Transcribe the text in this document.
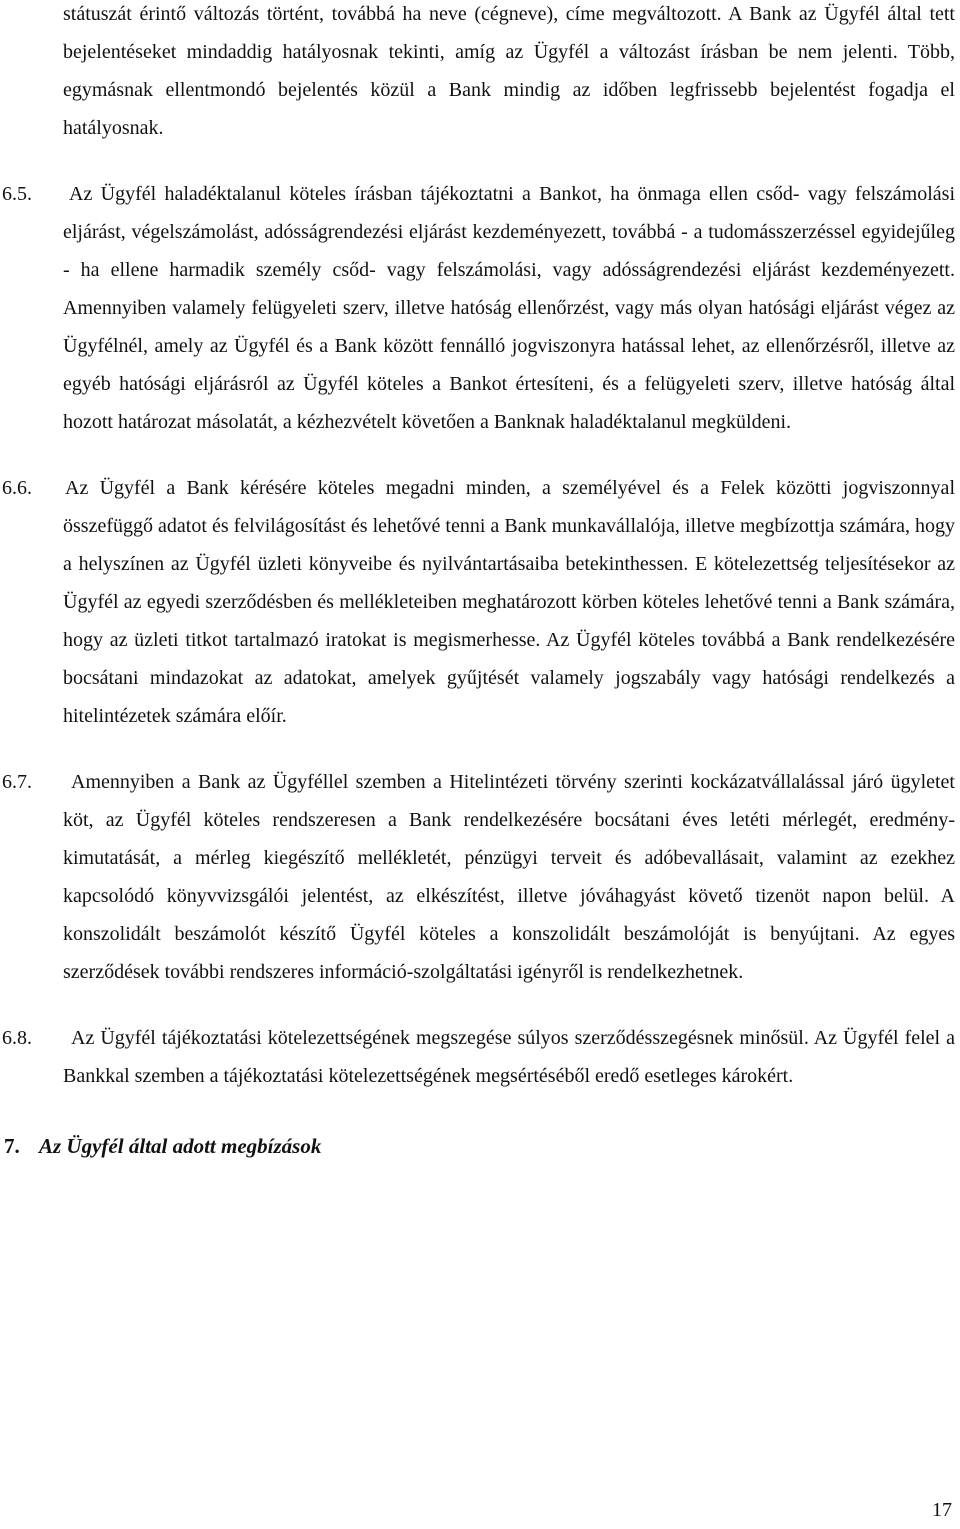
státuszát érintő változás történt, továbbá ha neve (cégneve), címe megváltozott. A Bank az Ügyfél által tett bejelentéseket mindaddig hatályosnak tekinti, amíg az Ügyfél a változást írásban be nem jelenti. Több, egymásnak ellentmondó bejelentés közül a Bank mindig az időben legfrissebb bejelentést fogadja el hatályosnak.

6.5.	Az Ügyfél haladéktalanul köteles írásban tájékoztatni a Bankot, ha önmaga ellen csőd- vagy felszámolási eljárást, végelszámolást, adósságrendezési eljárást kezdeményezett, továbbá - a tudomásszerzéssel egyidejűleg - ha ellene harmadik személy csőd- vagy felszámolási, vagy adósságrendezési eljárást kezdeményezett. Amennyiben valamely felügyeleti szerv, illetve hatóság ellenőrzést, vagy más olyan hatósági eljárást végez az Ügyfélnél, amely az Ügyfél és a Bank között fennálló jogviszonyra hatással lehet, az ellenőrzésről, illetve az egyéb hatósági eljárásról az Ügyfél köteles a Bankot értesíteni, és a felügyeleti szerv, illetve hatóság által hozott határozat másolatát, a kézhezvételt követően a Banknak haladéktalanul megküldeni.

6.6. Az Ügyfél a Bank kérésére köteles megadni minden, a személyével és a Felek közötti jogviszonnyal összefüggő adatot és felvilágosítást és lehetővé tenni a Bank munkavállalója, illetve megbízottja számára, hogy a helyszínen az Ügyfél üzleti könyveibe és nyilvántartásaiba betekinthessen. E kötelezettség teljesítésekor az Ügyfél az egyedi szerződésben és mellékleteiben meghatározott körben köteles lehetővé tenni a Bank számára, hogy az üzleti titkot tartalmazó iratokat is megismerhesse. Az Ügyfél köteles továbbá a Bank rendelkezésére bocsátani mindazokat az adatokat, amelyek gyűjtését valamely jogszabály vagy hatósági rendelkezés a hitelintézetek számára előír.

6.7.	Amennyiben a Bank az Ügyféllel szemben a Hitelintézeti törvény szerinti kockázatvállalással járó ügyletet köt, az Ügyfél köteles rendszeresen a Bank rendelkezésére bocsátani éves letéti mérlegét, eredmény-kimutatását, a mérleg kiegészítő mellékletét, pénzügyi terveit és adóbevallásait, valamint az ezekhez kapcsolódó könyvvizsgálói jelentést, az elkészítést, illetve jóváhagyást követő tizenöt napon belül. A konszolidált beszámolót készítő Ügyfél köteles a konszolidált beszámolóját is benyújtani. Az egyes szerződések további rendszeres információ-szolgáltatási igényről is rendelkezhetnek.

6.8.	Az Ügyfél tájékoztatási kötelezettségének megszegése súlyos szerződésszegésnek minősül. Az Ügyfél felel a Bankkal szemben a tájékoztatási kötelezettségének megsértéséből eredő esetleges károkért.

7. Az Ügyfél által adott megbízások
17
